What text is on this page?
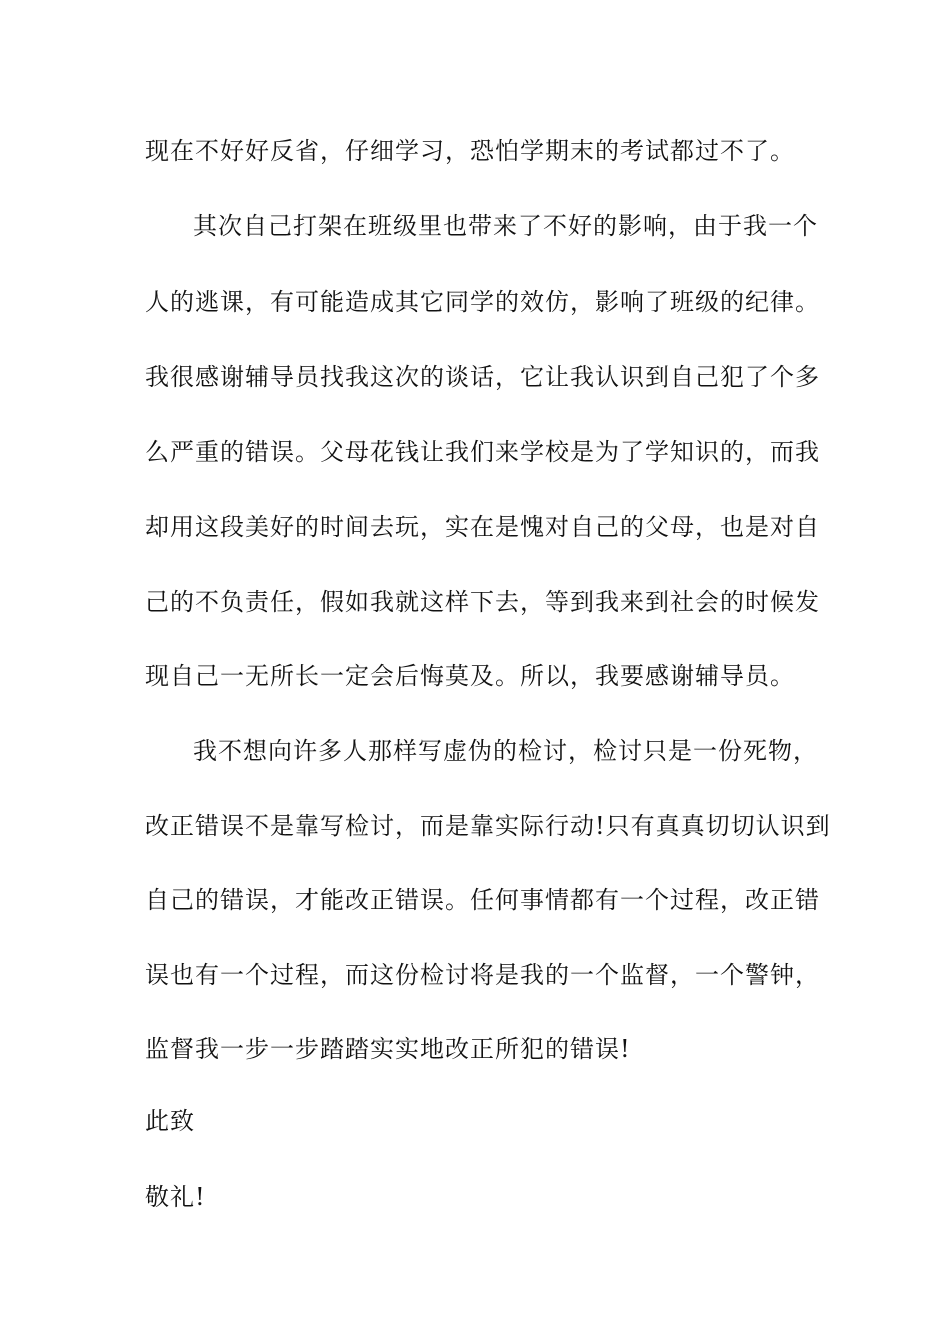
现在不好好反省，仔细学习，恐怕学期末的考试都过不了。
其次自己打架在班级里也带来了不好的影响，由于我一个
人的逃课，有可能造成其它同学的效仿，影响了班级的纪律。
我很感谢辅导员找我这次的谈话，它让我认识到自己犯了个多
么严重的错误。父母花钱让我们来学校是为了学知识的，而我
却用这段美好的时间去玩，实在是愧对自己的父母，也是对自
己的不负责任，假如我就这样下去，等到我来到社会的时候发
现自己一无所长一定会后悔莫及。所以，我要感谢辅导员。
我不想向许多人那样写虚伪的检讨，检讨只是一份死物，
改正错误不是靠写检讨，而是靠实际行动!只有真真切切认识到
自己的错误，才能改正错误。任何事情都有一个过程，改正错
误也有一个过程，而这份检讨将是我的一个监督，一个警钟，
监督我一步一步踏踏实实地改正所犯的错误!
此致
敬礼!
